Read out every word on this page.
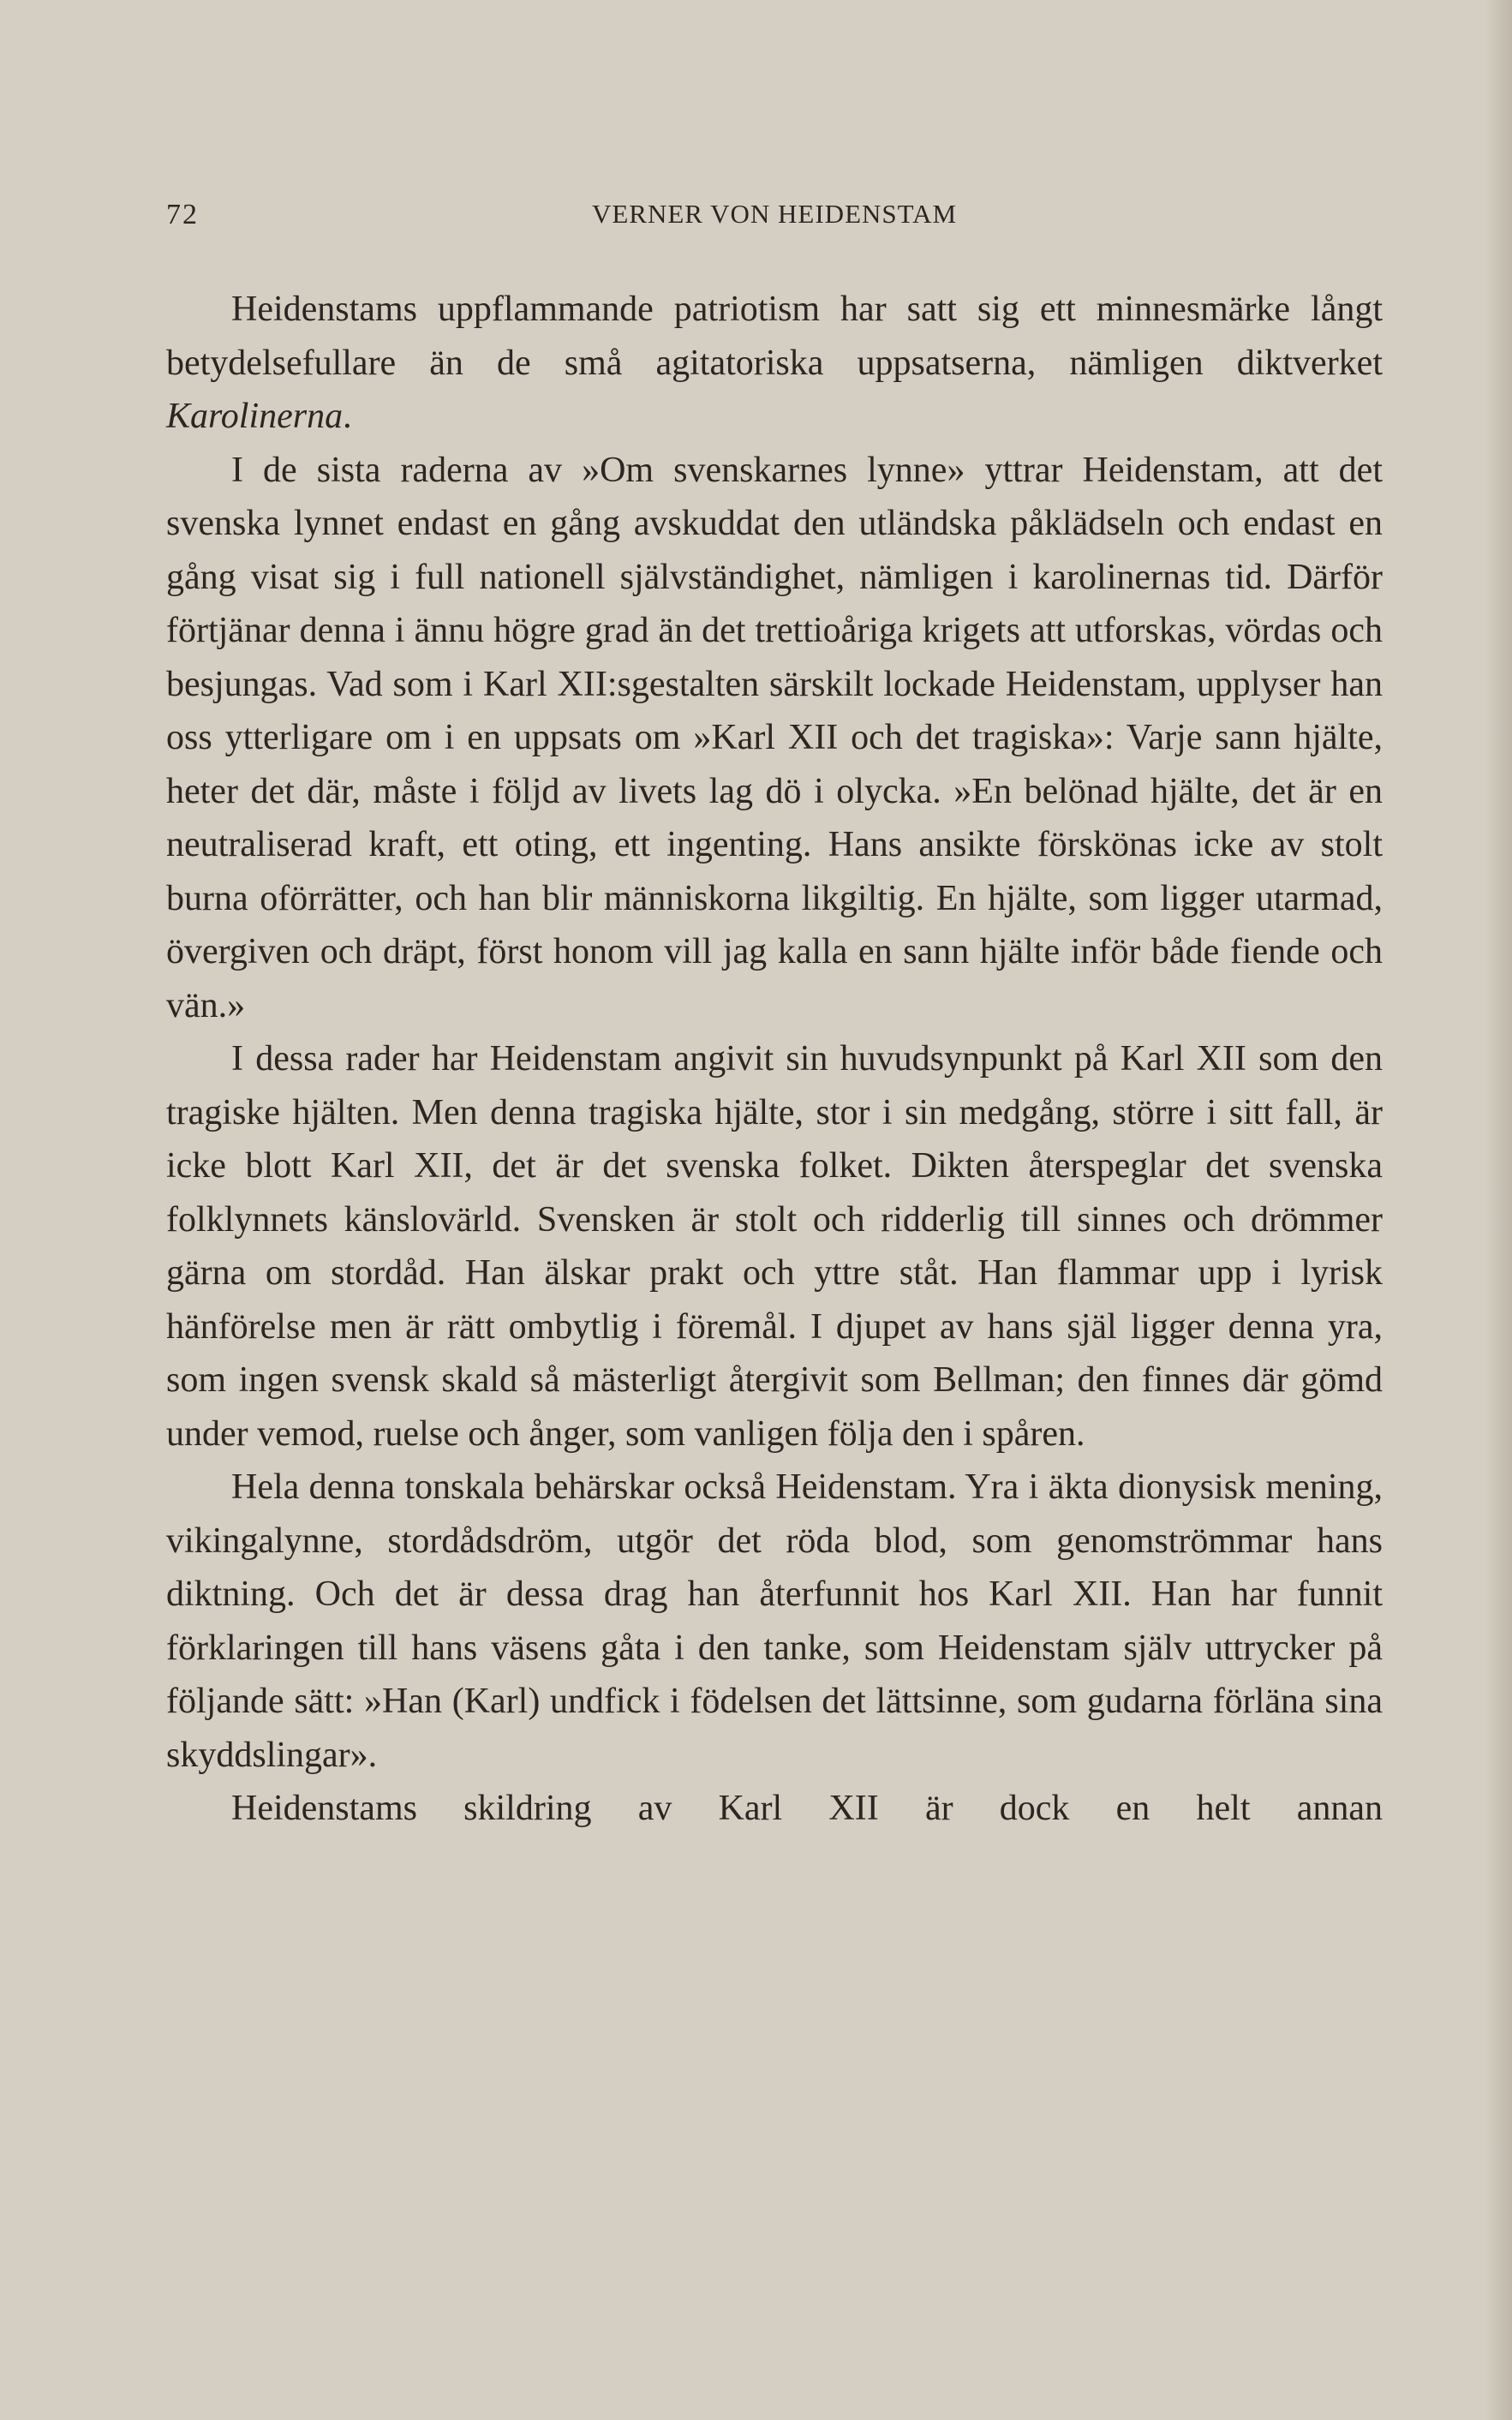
72	VERNER VON HEIDENSTAM

Heidenstams uppflammande patriotism har satt sig ett minnesmärke långt betydelsefullare än de små agitatoriska uppsatserna, nämligen diktverket Karolinerna.

I de sista raderna av »Om svenskarnes lynne» yttrar Heidenstam, att det svenska lynnet endast en gång avskuddat den utländska påklädseln och endast en gång visat sig i full nationell självständighet, nämligen i karolinernas tid. Därför förtjänar denna i ännu högre grad än det trettioåriga krigets att utforskas, vördas och besjungas. Vad som i Karl XII:sgestalten särskilt lockade Heidenstam, upplyser han oss ytterligare om i en uppsats om »Karl XII och det tragiska»: Varje sann hjälte, heter det där, måste i följd av livets lag dö i olycka. »En belönad hjälte, det är en neutraliserad kraft, ett oting, ett ingenting. Hans ansikte förskönas icke av stolt burna oförrätter, och han blir människorna likgiltig. En hjälte, som ligger utarmad, övergiven och dräpt, först honom vill jag kalla en sann hjälte inför både fiende och vän.»

I dessa rader har Heidenstam angivit sin huvudsynpunkt på Karl XII som den tragiske hjälten. Men denna tragiska hjälte, stor i sin medgång, större i sitt fall, är icke blott Karl XII, det är det svenska folket. Dikten återspeglar det svenska folklynnets känslovärld. Svensken är stolt och ridderlig till sinnes och drömmer gärna om stordåd. Han älskar prakt och yttre ståt. Han flammar upp i lyrisk hänförelse men är rätt ombytlig i föremål. I djupet av hans själ ligger denna yra, som ingen svensk skald så mästerligt återgivit som Bellman; den finnes där gömd under vemod, ruelse och ånger, som vanligen följa den i spåren.

Hela denna tonskala behärskar också Heidenstam. Yra i äkta dionysisk mening, vikingalynne, stordådsdröm, utgör det röda blod, som genomströmmar hans diktning. Och det är dessa drag han återfunnit hos Karl XII. Han har funnit förklaringen till hans väsens gåta i den tanke, som Heidenstam själv uttrycker på följande sätt: »Han (Karl) undfick i födelsen det lättsinne, som gudarna förläna sina skyddslingar».

Heidenstams skildring av Karl XII är dock en helt annan
